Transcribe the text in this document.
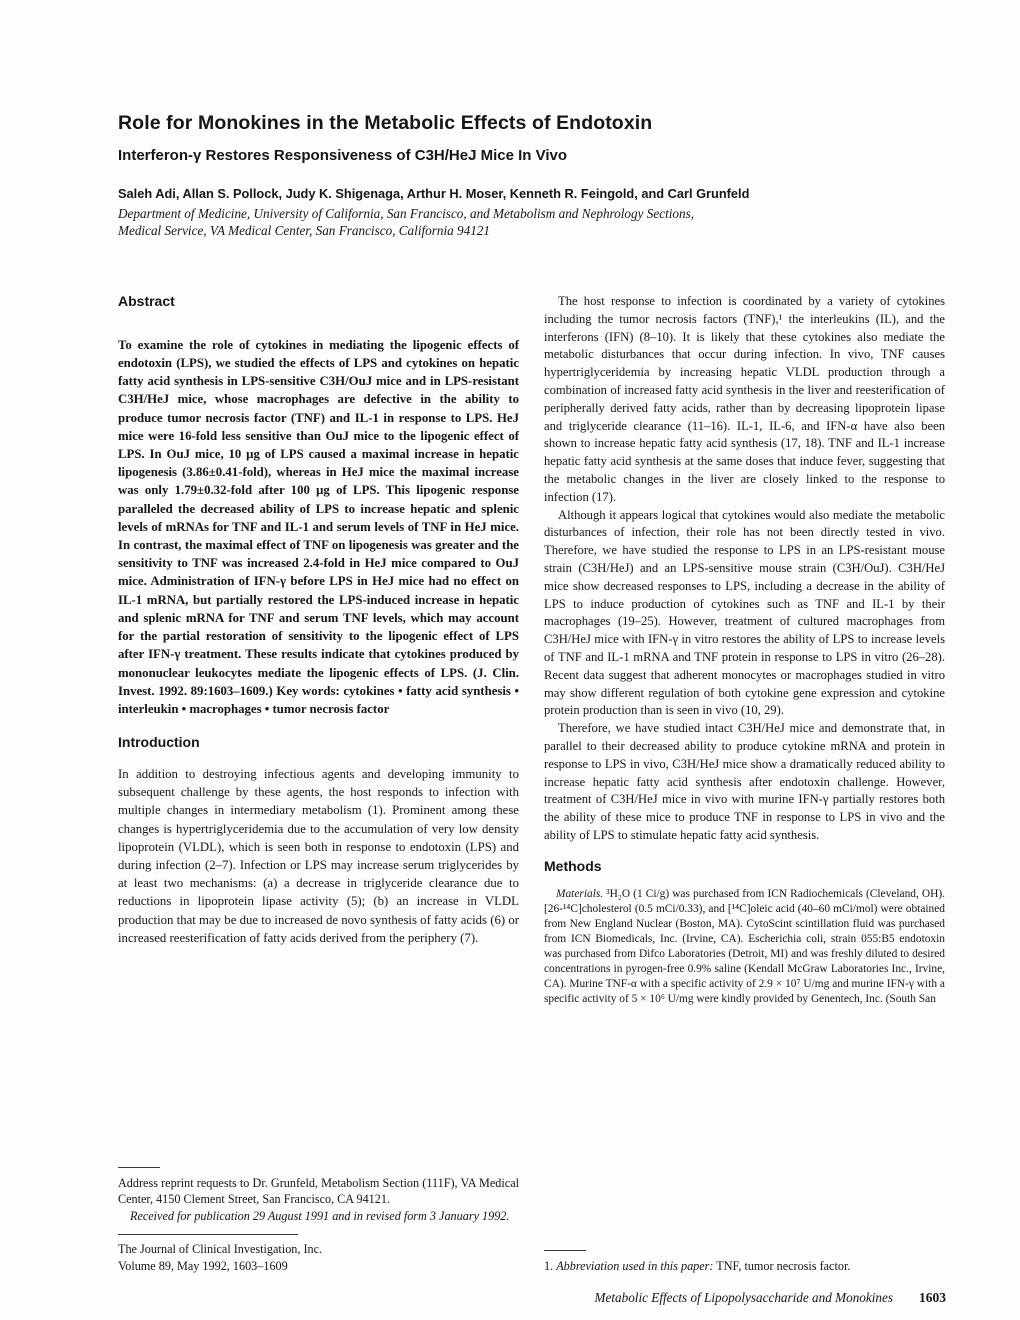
Role for Monokines in the Metabolic Effects of Endotoxin
Interferon-γ Restores Responsiveness of C3H/HeJ Mice In Vivo

Saleh Adi, Allan S. Pollock, Judy K. Shigenaga, Arthur H. Moser, Kenneth R. Feingold, and Carl Grunfeld

Department of Medicine, University of California, San Francisco, and Metabolism and Nephrology Sections,
Medical Service, VA Medical Center, San Francisco, California 94121

Abstract

To examine the role of cytokines in mediating the lipogenic effects of endotoxin (LPS), we studied the effects of LPS and cytokines on hepatic fatty acid synthesis in LPS-sensitive C3H/OuJ mice and in LPS-resistant C3H/HeJ mice, whose macrophages are defective in the ability to produce tumor necrosis factor (TNF) and IL-1 in response to LPS. HeJ mice were 16-fold less sensitive than OuJ mice to the lipogenic effect of LPS. In OuJ mice, 10 μg of LPS caused a maximal increase in hepatic lipogenesis (3.86±0.41-fold), whereas in HeJ mice the maximal increase was only 1.79±0.32-fold after 100 μg of LPS. This lipogenic response paralleled the decreased ability of LPS to increase hepatic and splenic levels of mRNAs for TNF and IL-1 and serum levels of TNF in HeJ mice. In contrast, the maximal effect of TNF on lipogenesis was greater and the sensitivity to TNF was increased 2.4-fold in HeJ mice compared to OuJ mice. Administration of IFN-γ before LPS in HeJ mice had no effect on IL-1 mRNA, but partially restored the LPS-induced increase in hepatic and splenic mRNA for TNF and serum TNF levels, which may account for the partial restoration of sensitivity to the lipogenic effect of LPS after IFN-γ treatment. These results indicate that cytokines produced by mononuclear leukocytes mediate the lipogenic effects of LPS. (J. Clin. Invest. 1992. 89:1603–1609.) Key words: cytokines • fatty acid synthesis • interleukin • macrophages • tumor necrosis factor

Introduction

In addition to destroying infectious agents and developing immunity to subsequent challenge by these agents, the host responds to infection with multiple changes in intermediary metabolism (1). Prominent among these changes is hypertriglyceridemia due to the accumulation of very low density lipoprotein (VLDL), which is seen both in response to endotoxin (LPS) and during infection (2–7). Infection or LPS may increase serum triglycerides by at least two mechanisms: (a) a decrease in triglyceride clearance due to reductions in lipoprotein lipase activity (5); (b) an increase in VLDL production that may be due to increased de novo synthesis of fatty acids (6) or increased reesterification of fatty acids derived from the periphery (7).

Address reprint requests to Dr. Grunfeld, Metabolism Section (111F), VA Medical Center, 4150 Clement Street, San Francisco, CA 94121.

Received for publication 29 August 1991 and in revised form 3 January 1992.

The Journal of Clinical Investigation, Inc.

Volume 89, May 1992, 1603–1609

The host response to infection is coordinated by a variety of cytokines including the tumor necrosis factors (TNF),¹ the interleukins (IL), and the interferons (IFN) (8–10). It is likely that these cytokines also mediate the metabolic disturbances that occur during infection. In vivo, TNF causes hypertriglyceridemia by increasing hepatic VLDL production through a combination of increased fatty acid synthesis in the liver and reesterification of peripherally derived fatty acids, rather than by decreasing lipoprotein lipase and triglyceride clearance (11–16). IL-1, IL-6, and IFN-α have also been shown to increase hepatic fatty acid synthesis (17, 18). TNF and IL-1 increase hepatic fatty acid synthesis at the same doses that induce fever, suggesting that the metabolic changes in the liver are closely linked to the response to infection (17).

Although it appears logical that cytokines would also mediate the metabolic disturbances of infection, their role has not been directly tested in vivo. Therefore, we have studied the response to LPS in an LPS-resistant mouse strain (C3H/HeJ) and an LPS-sensitive mouse strain (C3H/OuJ). C3H/HeJ mice show decreased responses to LPS, including a decrease in the ability of LPS to induce production of cytokines such as TNF and IL-1 by their macrophages (19–25). However, treatment of cultured macrophages from C3H/HeJ mice with IFN-γ in vitro restores the ability of LPS to increase levels of TNF and IL-1 mRNA and TNF protein in response to LPS in vitro (26–28). Recent data suggest that adherent monocytes or macrophages studied in vitro may show different regulation of both cytokine gene expression and cytokine protein production than is seen in vivo (10, 29).

Therefore, we have studied intact C3H/HeJ mice and demonstrate that, in parallel to their decreased ability to produce cytokine mRNA and protein in response to LPS in vivo, C3H/HeJ mice show a dramatically reduced ability to increase hepatic fatty acid synthesis after endotoxin challenge. However, treatment of C3H/HeJ mice in vivo with murine IFN-γ partially restores both the ability of these mice to produce TNF in response to LPS in vivo and the ability of LPS to stimulate hepatic fatty acid synthesis.

Methods

Materials. ³H₂O (1 Ci/g) was purchased from ICN Radiochemicals (Cleveland, OH). [26-¹⁴C]cholesterol (0.5 mCi/0.33), and [¹⁴C]oleic acid (40–60 mCi/mol) were obtained from New England Nuclear (Boston, MA). CytoScint scintillation fluid was purchased from ICN Biomedicals, Inc. (Irvine, CA). Escherichia coli, strain 055:B5 endotoxin was purchased from Difco Laboratories (Detroit, MI) and was freshly diluted to desired concentrations in pyrogen-free 0.9% saline (Kendall McGraw Laboratories Inc., Irvine, CA). Murine TNF-α with a specific activity of 2.9 × 10⁷ U/mg and murine IFN-γ with a specific activity of 5 × 10⁶ U/mg were kindly provided by Genentech, Inc. (South San

1. Abbreviation used in this paper: TNF, tumor necrosis factor.

Metabolic Effects of Lipopolysaccharide and Monokines 1603
